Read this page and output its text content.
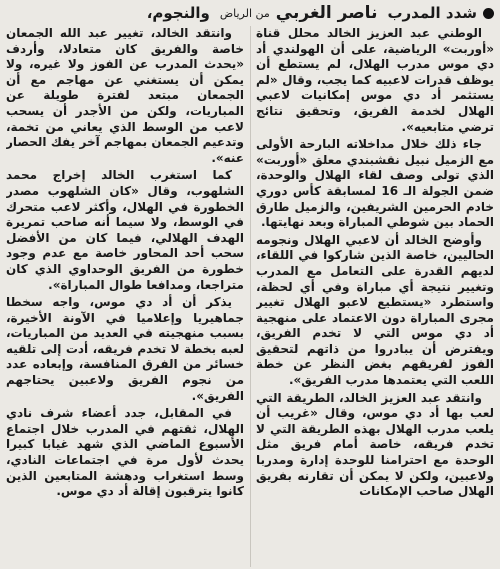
شدد المدرب
ناصر الغربي
من الرياض
والنجوم،

الوطني عبد العزيز الخالد محلل قناة «أوربت» الرياضية، على أن الهولندي أد دي موس مدرب الهلال، لم يستطع أن يوظف قدرات لاعبيه كما يجب، وقال «لم يستثمر أد دي موس إمكانيات لاعبي الهلال لخدمة الفريق، وتحقيق نتائج ترضي متابعيه».

جاء ذلك خلال مداخلاته البارحة الأولى مع الزميل نبيل نقشبندي معلق «أوربت» الذي تولى وصف لقاء الهلال والوحدة، ضمن الجولة الـ 16 لمسابقة كأس دوري خادم الحرمين الشريفين، والزميل طارق الحماد بين شوطي المباراة وبعد نهايتها.

وأوضح الخالد أن لاعبي الهلال ونجومه الحاليين، خاصة الذين شاركوا في اللقاء، لديهم القدرة على التعامل مع المدرب وتغيير نتيجة أي مباراة وفي أي لحظة، واستطرد «يستطيع لاعبو الهلال تغيير مجرى المباراة دون الاعتماد على منهجية أد دي موس التي لا تخدم الفريق، ويفترض أن يبادروا من ذاتهم لتحقيق الفوز لفريقهم بغض النظر عن خطة اللعب التي يعتمدها مدرب الفريق».

وانتقد عبد العزيز الخالد، الطريقة التي لعب بها أد دي موس، وقال «غريب أن يلعب مدرب الهلال بهذه الطريقة التي لا تخدم فريقه، خاصة أمام فريق مثل الوحدة مع احترامنا للوحدة إدارة ومدربا ولاعبين، ولكن لا يمكن أن تقارنه بفريق الهلال صاحب الإمكانات

وانتقد الخالد، تغيير عبد الله الجمعان خاصة والفريق كان متعادلا، وأردف «يحدث المدرب عن الفوز ولا غيره، ولا يمكن أن يستغني عن مهاجم مع أن الجمعان مبتعد لفترة طويلة عن المباريات، ولكن من الأجدر أن يسحب لاعب من الوسط الذي يعاني من تخمة، وتدعيم الجمعان بمهاجم آخر يفك الحصار عنه».

كما استغرب الخالد إخراج محمد الشلهوب، وقال «كان الشلهوب مصدر الخطورة في الهلال، وأكثر لاعب متحرك في الوسط، ولا سيما أنه صاحب تمريرة الهدف الهلالي، فيما كان من الأفضل سحب أحد المحاور خاصة مع عدم وجود خطورة من الفريق الوحداوي الذي كان متراجعا، ومدافعا طوال المباراة».

يذكر أن أد دي موس، واجه سخطا جماهيريا وإعلاميا في الآونة الأخيرة، بسبب منهجيته في العديد من المباريات، لعبه بخطة لا تخدم فريقه، أدت إلى تلقيه خسائر من الفرق المنافسة، وإبعاده عدد من نجوم الفريق ولاعبين يحتاجهم الفريق».

في المقابل، جدد أعضاء شرف نادي الهلال، ثقتهم في المدرب خلال اجتماع الأسبوع الماضي الذي شهد غيابا كبيرا يحدث لأول مرة في اجتماعات النادي، وسط استغراب ودهشة المتابعين الذين كانوا يترقبون إقالة أد دي موس.
